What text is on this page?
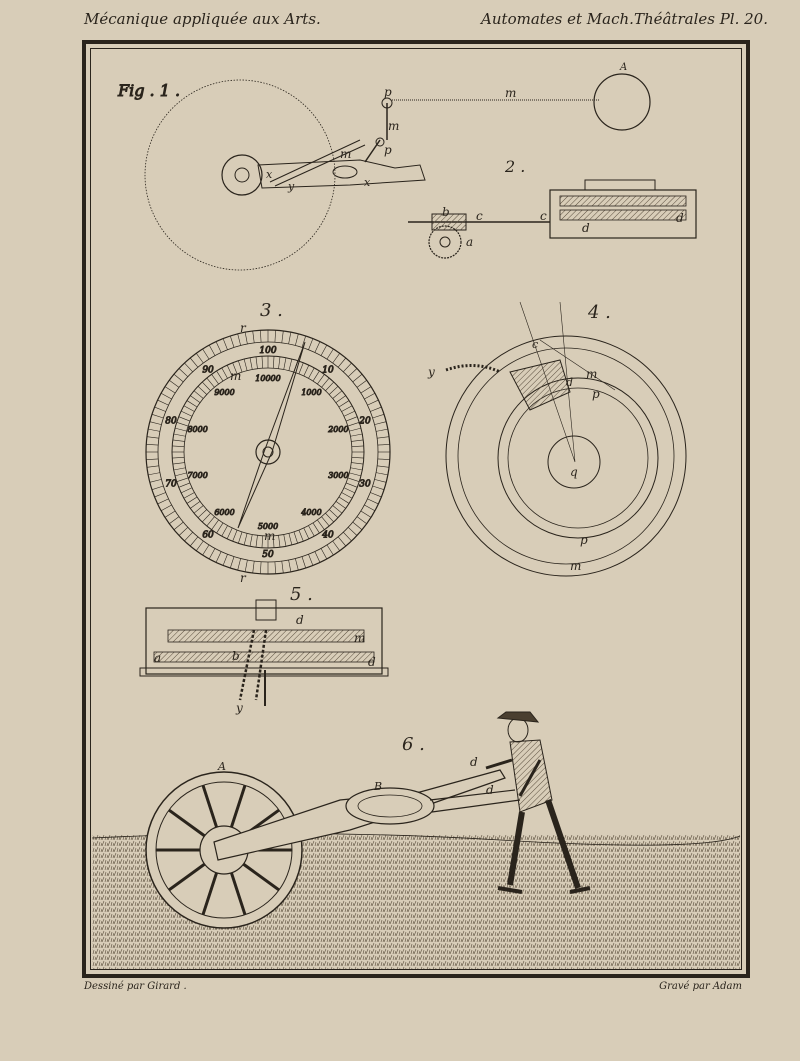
Mécanique appliquée aux Arts.	Automates et Mach.Théâtrales Pl. 20.
Fig . 1 .
A
p	m
m
m	p
x
y	x
2 .
b c	c
a
d
d
3 .
100
10
20
30
40
50
60
70
80
90
10000
1000
2000
3000
4000
5000
6000
7000
8000
9000
r
m
m
r
4 .
y
c
d
m
p
q
p
m
5 .
d
m
a	b	d
y
6 .
A
B
d
d
Dessiné par Girard .	Gravé par Adam
